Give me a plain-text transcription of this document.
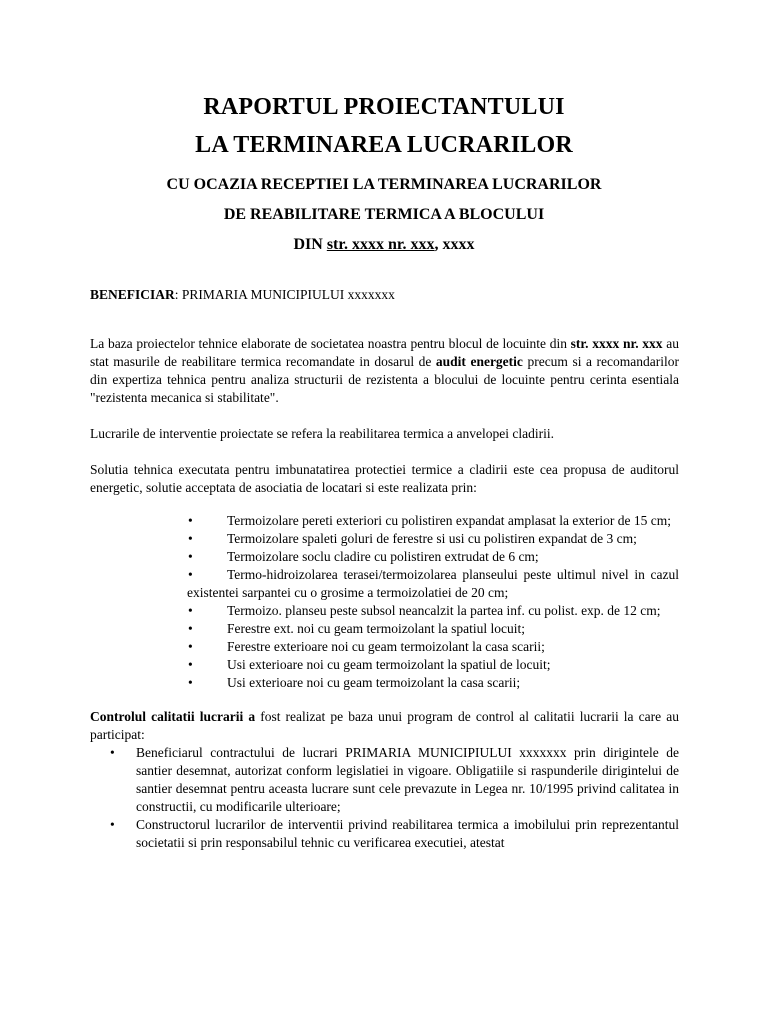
RAPORTUL PROIECTANTULUI
LA TERMINAREA LUCRARILOR
CU OCAZIA RECEPTIEI LA TERMINAREA LUCRARILOR
DE REABILITARE TERMICA A BLOCULUI
DIN str. xxxx nr. xxx, xxxx

BENEFICIAR: PRIMARIA MUNICIPIULUI xxxxxxx

La baza proiectelor tehnice elaborate de societatea noastra pentru blocul de locuinte din str. xxxx nr. xxx au stat masurile de reabilitare termica recomandate in dosarul de audit energetic precum si a recomandarilor din expertiza tehnica pentru analiza structurii de rezistenta a blocului de locuinte pentru cerinta esentiala "rezistenta mecanica si stabilitate".

Lucrarile de interventie proiectate se refera la reabilitarea termica a anvelopei cladirii.

Solutia tehnica executata pentru imbunatatirea protectiei termice a cladirii este cea propusa de auditorul energetic, solutie acceptata de asociatia de locatari si este realizata prin:

•Termoizolare pereti exteriori cu polistiren expandat amplasat la exterior de 15 cm;
•Termoizolare spaleti goluri de ferestre si usi cu polistiren expandat de 3 cm;
•Termoizolare soclu cladire cu polistiren extrudat de 6 cm;
•Termo-hidroizolarea terasei/termoizolarea planseului peste ultimul nivel in cazul existentei sarpantei cu o grosime a termoizolatiei de 20 cm;
•Termoizo. planseu peste subsol neancalzit la partea inf. cu polist. exp. de 12 cm;
•Ferestre ext. noi cu geam termoizolant la spatiul locuit;
•Ferestre exterioare noi cu geam termoizolant la casa scarii;
•Usi exterioare noi cu geam termoizolant la spatiul de locuit;
•Usi exterioare noi cu geam termoizolant la casa scarii;

Controlul calitatii lucrarii a fost realizat pe baza unui program de control al calitatii lucrarii la care au participat:

• Beneficiarul contractului de lucrari PRIMARIA MUNICIPIULUI xxxxxxx prin dirigintele de santier desemnat, autorizat conform legislatiei in vigoare. Obligatiile si raspunderile dirigintelui de santier desemnat pentru aceasta lucrare sunt cele prevazute in Legea nr. 10/1995 privind calitatea in constructii, cu modificarile ulterioare;
• Constructorul lucrarilor de interventii privind reabilitarea termica a imobilului prin reprezentantul societatii si prin responsabilul tehnic cu verificarea executiei, atestat
